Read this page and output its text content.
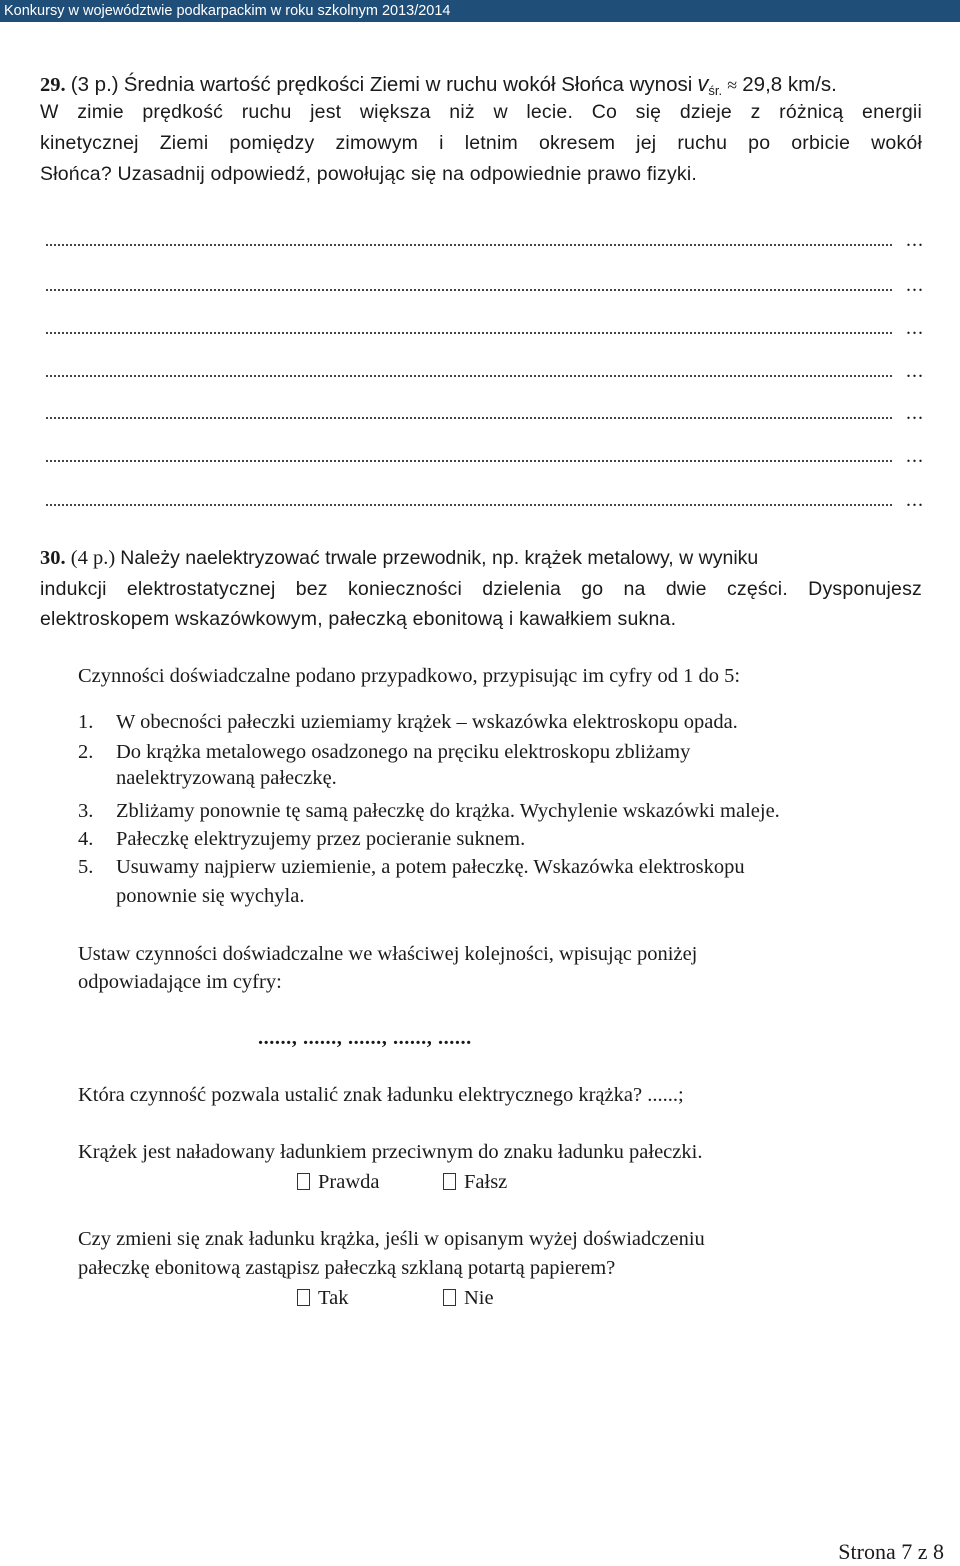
Konkursy w województwie podkarpackim w roku szkolnym 2013/2014
29. (3 p.) Średnia wartość prędkości Ziemi w ruchu wokół Słońca wynosi vśr. ≈ 29,8 km/s.
W zimie prędkość ruchu jest większa niż w lecie. Co się dzieje z różnicą energii
kinetycznej Ziemi pomiędzy zimowym i letnim okresem jej ruchu po orbicie wokół
Słońca? Uzasadnij odpowiedź, powołując się na odpowiednie prawo fizyki.
...
...
...
...
...
...
...
30. (4 p.) Należy naelektryzować trwale przewodnik, np. krążek metalowy, w wyniku
indukcji elektrostatycznej bez konieczności dzielenia go na dwie części. Dysponujesz
elektroskopem wskazówkowym, pałeczką ebonitową i kawałkiem sukna.
Czynności doświadczalne podano przypadkowo, przypisując im cyfry od 1 do 5:
1. W obecności pałeczki uziemiamy krążek – wskazówka elektroskopu opada.
2. Do krążka metalowego osadzonego na pręciku elektroskopu zbliżamy
naelektryzowaną pałeczkę.
3. Zbliżamy ponownie tę samą pałeczkę do krążka. Wychylenie wskazówki maleje.
4. Pałeczkę elektryzujemy przez pocieranie suknem.
5. Usuwamy najpierw uziemienie, a potem pałeczkę. Wskazówka elektroskopu
ponownie się wychyla.
Ustaw czynności doświadczalne we właściwej kolejności, wpisując poniżej
odpowiadające im cyfry:
......, ......, ......, ......, ......
Która czynność pozwala ustalić znak ładunku elektrycznego krążka? ......;
Krążek jest naładowany ładunkiem przeciwnym do znaku ładunku pałeczki.
Prawda	Fałsz
Czy zmieni się znak ładunku krążka, jeśli w opisanym wyżej doświadczeniu
pałeczkę ebonitową zastąpisz pałeczką szklaną potartą papierem?
Tak	Nie
Strona 7 z 8
